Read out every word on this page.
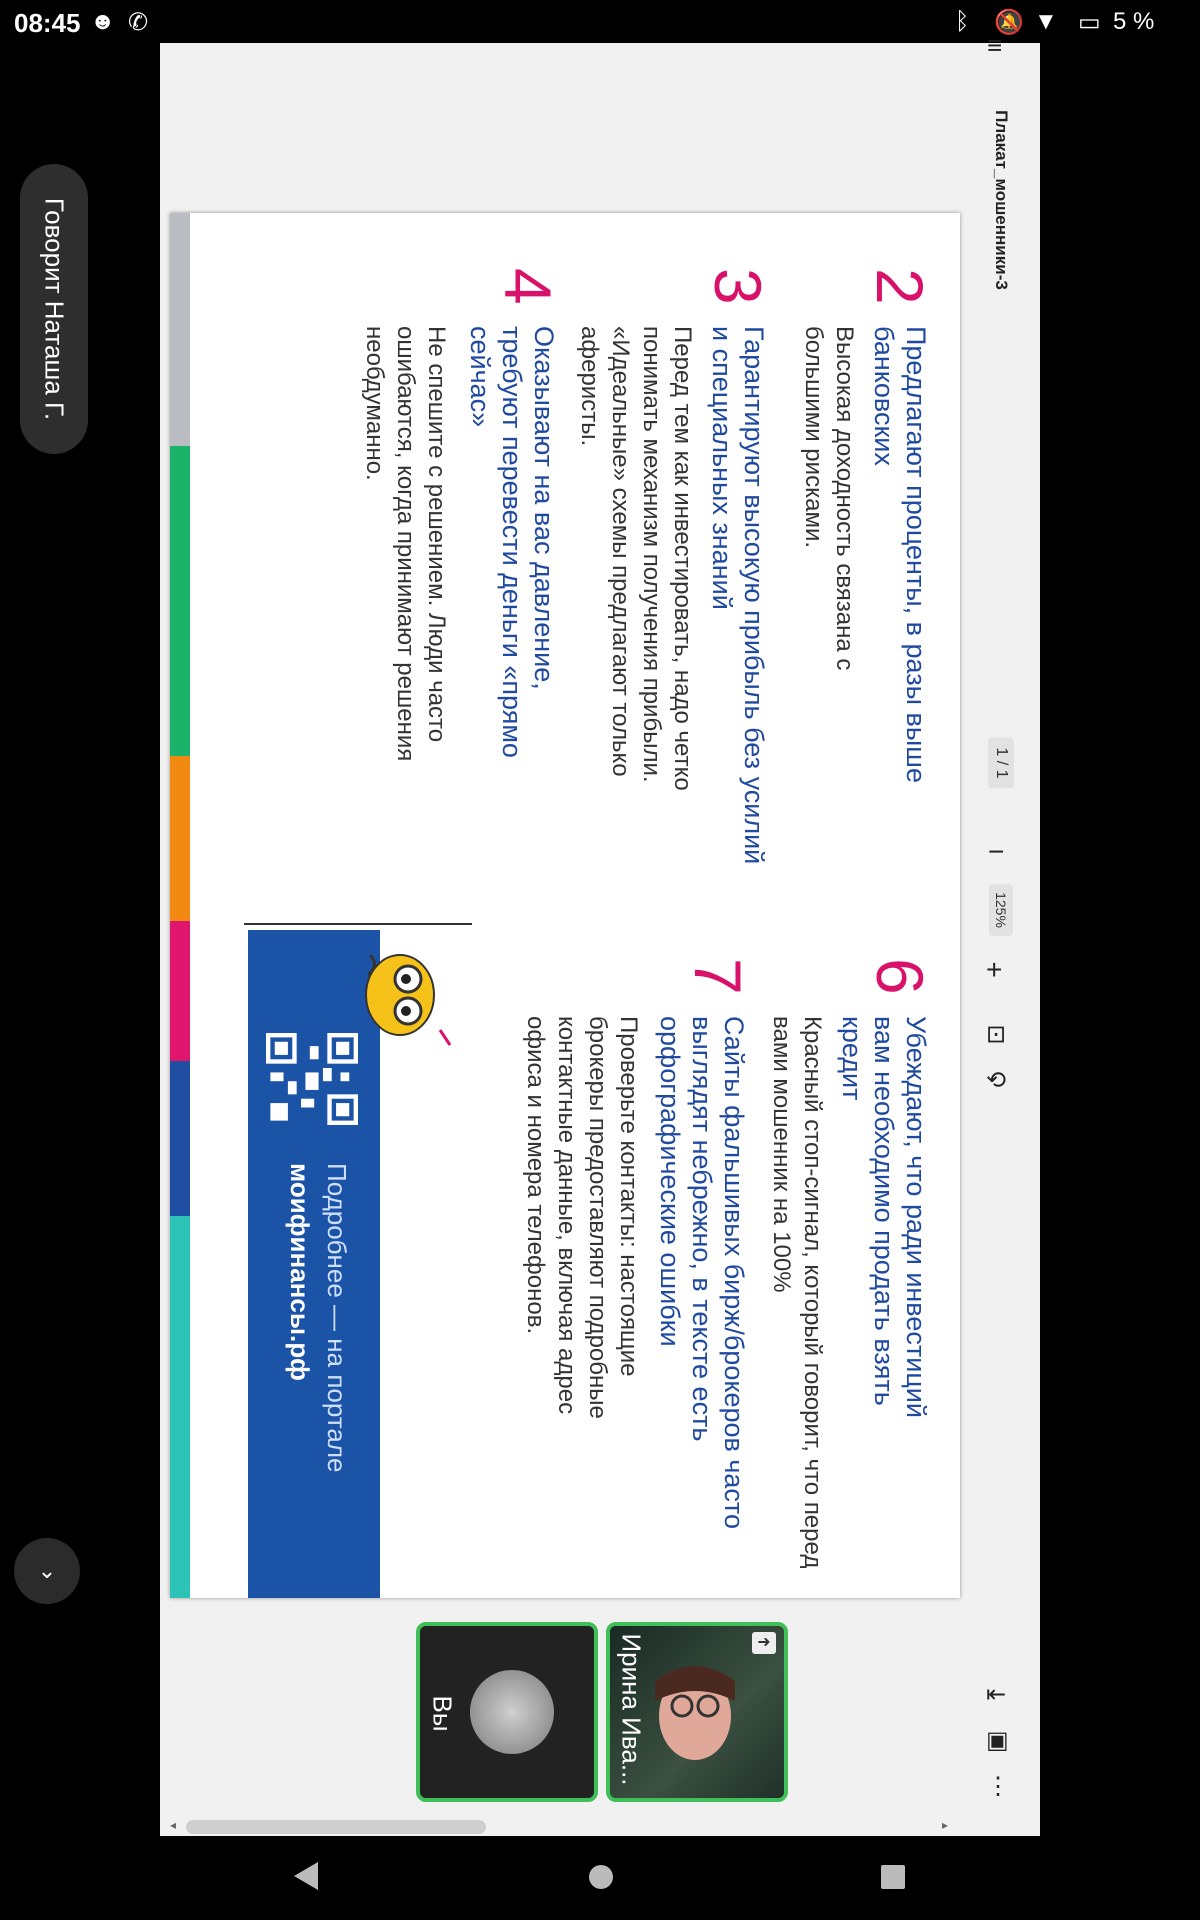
08:45 ☻ ✆	ᛒ 🔕 ▼ ▭ 5 %
Говорит Наташа Г.
⌄
≡
Плакат_мошенники-3
1 / 1
−
125%
+
⊡
⟲
⇤
▣
⋮
◂	▸
2
Предлагают проценты, в разы выше банковских
Высокая доходность связана с большими рисками.
3
Гарантируют высокую прибыль без усилий и специальных знаний
Перед тем как инвестировать, надо четко понимать механизм получения прибыли. «Идеальные» схемы предлагают только аферисты.
4
Оказывают на вас давление, требуют перевести деньги «прямо сейчас»
Не спешите с решением. Люди часто ошибаются, когда принимают решения необдуманно.
6
Убеждают, что ради инвестиций вам необходимо продать взять кредит
Красный стоп-сигнал, который говорит, что перед вами мошенник на 100%
7
Сайты фальшивых бирж/брокеров часто выглядят небрежно, в тексте есть орфографические ошибки
Проверьте контакты: настоящие брокеры предоставляют подробные контактные данные, включая адрес офиса и номера телефонов.
Подробнее — на портале
моифинансы.рф
Ирина Ива...	➜
Вы
